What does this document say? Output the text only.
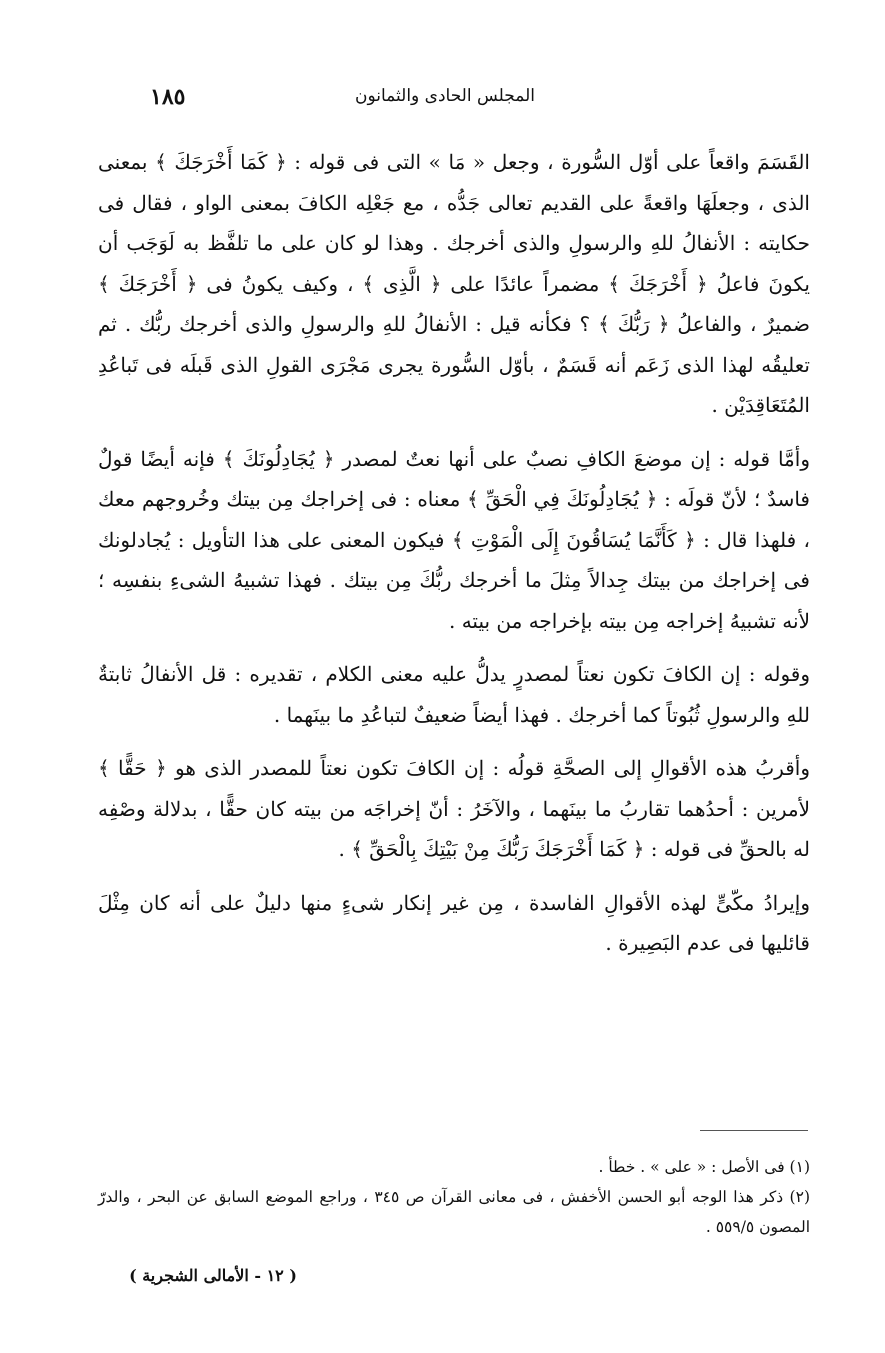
١٨٥	المجلس الحادى والثمانون

القَسَمَ واقعاً على أوّل السُّورة ، وجعل « مَا » التى فى قوله : ﴿ كَمَا أَخْرَجَكَ ﴾ بمعنى الذى ، وجعلَهَا واقعةً على القديم تعالى جَدُّه ، مع جَعْلِه الكافَ بمعنى الواو ، فقال فى حكايته : الأنفالُ للهِ والرسولِ والذى أخرجك . وهذا لو كان على ما تلفَّظ به لَوَجَب أن يكونَ فاعلُ ﴿ أَخْرَجَكَ ﴾ مضمراً عائدًا على ﴿ الَّذِى ﴾ ، وكيف يكونُ فى ﴿ أَخْرَجَكَ ﴾ ضميرٌ ، والفاعلُ ﴿ رَبُّكَ ﴾ ؟ فكأنه قيل : الأنفالُ للهِ والرسولِ والذى أخرجك ربُّك . ثم تعليقُه لهذا الذى زَعَم أنه قَسَمٌ ، بأوّل السُّورة يجرى مَجْرَى القولِ الذى قَبلَه فى تَباعُدِ المُتَعَاقِدَيْن .

وأمَّا قوله : إن موضعَ الكافِ نصبٌ على أنها نعتٌ لمصدر ﴿ يُجَادِلُونَكَ ﴾ فإنه أيضًا قولٌ فاسدٌ ؛ لأنّ قولَه : ﴿ يُجَادِلُونَكَ فِي الْحَقِّ ﴾ معناه : فى إخراجك مِن بيتك وخُروجهم معك ، فلهذا قال : ﴿ كَأَنَّمَا يُسَاقُونَ إِلَى الْمَوْتِ ﴾ فيكون المعنى على هذا التأويل : يُجادلونك فى إخراجك من بيتك جِدالاً مِثلَ ما أخرجك ربُّكَ مِن بيتك . فهذا تشبيهُ الشىءِ بنفسِه ؛ لأنه تشبيهُ إخراجه مِن بيته بإخراجه من بيته .

وقوله : إن الكافَ تكون نعتاً لمصدرٍ يدلُّ عليه معنى الكلام ، تقديره : قل الأنفالُ ثابتةٌ للهِ والرسولِ ثُبُوتاً كما أخرجك . فهذا أيضاً ضعيفٌ لتباعُدِ ما بينَهما .

وأقربُ هذه الأقوالِ إلى الصحَّةِ قولُه : إن الكافَ تكون نعتاً للمصدر الذى هو ﴿ حَقًّا ﴾ لأمرين : أحدُهما تقاربُ ما بينَهما ، والآخَرُ : أنّ إخراجَه من بيته كان حقًّا ، بدلالة وصْفِه له بالحقِّ فى قوله : ﴿ كَمَا أَخْرَجَكَ رَبُّكَ مِنْ بَيْتِكَ بِالْحَقِّ ﴾ .

وإيرادُ مكّىٍّ لهذه الأقوالِ الفاسدة ، مِن غير إنكار شىءٍ منها دليلٌ على أنه كان مِثْلَ قائليها فى عدم البَصِيرة .

(١) فى الأصل : « على » . خطأ .

(٢) ذكر هذا الوجه أبو الحسن الأخفش ، فى معانى القرآن ص ٣٤٥ ، وراجع الموضع السابق عن البحر ، والدرّ المصون ٥٥٩/٥ .

( ١٢ - الأمالى الشجرية )
